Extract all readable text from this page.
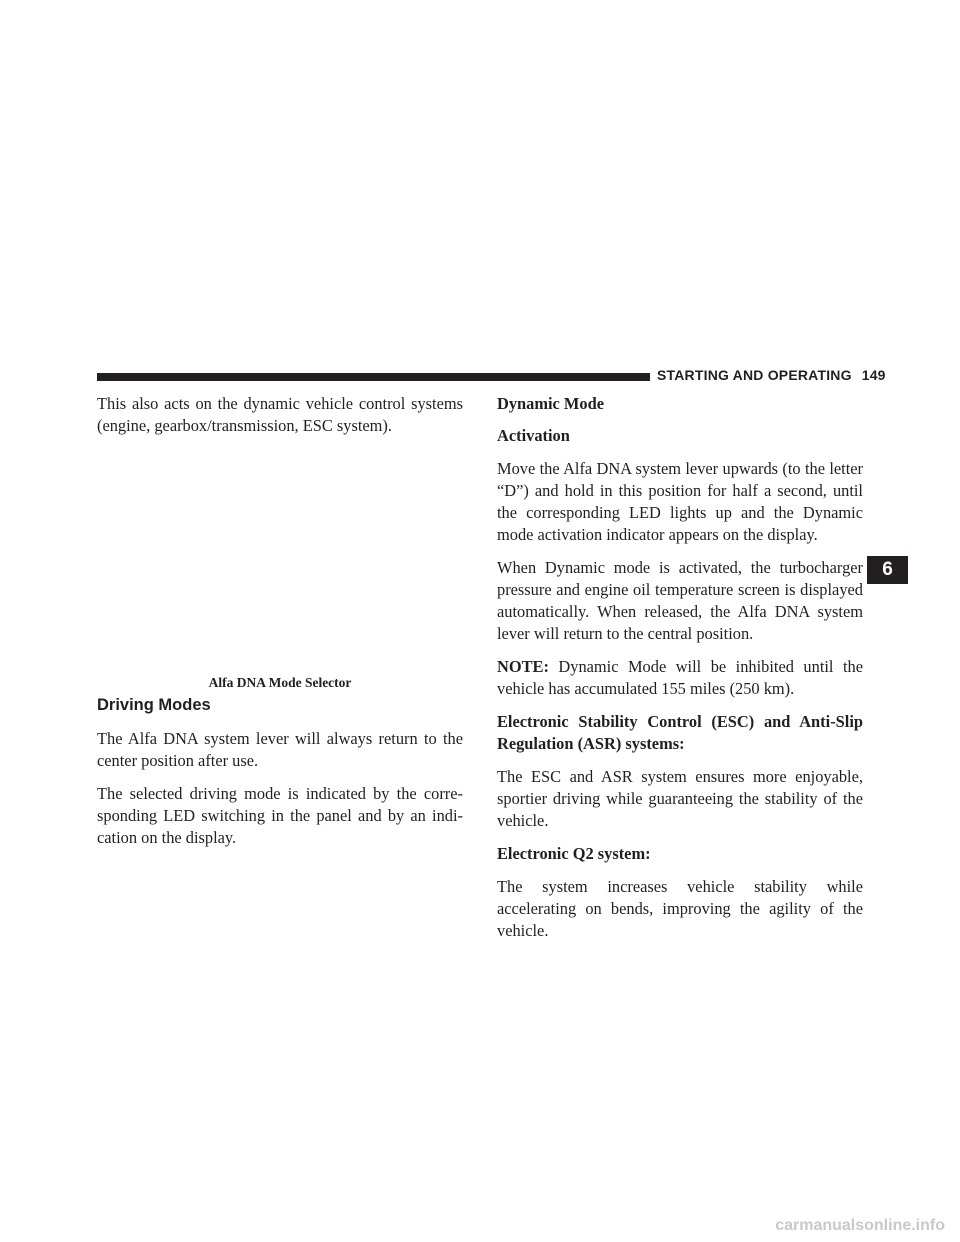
STARTING AND OPERATING 149
6

This also acts on the dynamic vehicle control systems (engine, gearbox/transmission, ESC system).

Alfa DNA Mode Selector
Driving Modes

The Alfa DNA system lever will always return to the center position after use.

The selected driving mode is indicated by the corre-sponding LED switching in the panel and by an indi-cation on the display.

Dynamic Mode

Activation

Move the Alfa DNA system lever upwards (to the letter “D”) and hold in this position for half a second, until the corresponding LED lights up and the Dynamic mode activation indicator appears on the display.

When Dynamic mode is activated, the turbocharger pressure and engine oil temperature screen is displayed automatically. When released, the Alfa DNA system lever will return to the central position.

NOTE: Dynamic Mode will be inhibited until the vehicle has accumulated 155 miles (250 km).

Electronic Stability Control (ESC) and Anti-Slip Regulation (ASR) systems:

The ESC and ASR system ensures more enjoyable, sportier driving while guaranteeing the stability of the vehicle.

Electronic Q2 system:

The system increases vehicle stability while accelerating on bends, improving the agility of the vehicle.

carmanualsonline.info
